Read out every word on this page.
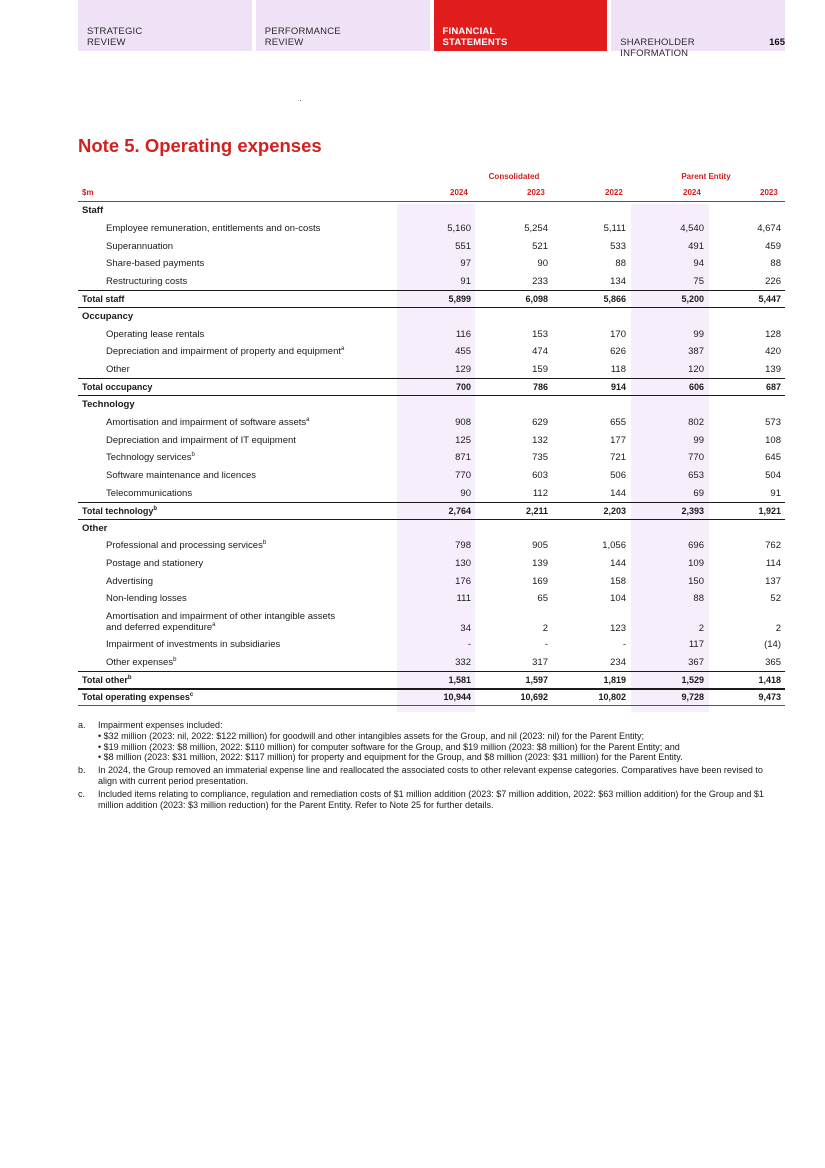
STRATEGIC
REVIEW
PERFORMANCE
REVIEW
FINANCIAL
STATEMENTS	SHAREHOLDER
INFORMATION

165
Note 5. Operating expenses
Consolidated	Parent Entity
$m	2024	2023	2022	2024	2023
Staff
Employee remuneration, entitlements and on-costs	5,160	5,254	5,111	4,540	4,674
Superannuation	551	521	533	491	459
Share-based payments	97	90	88	94	88
Restructuring costs	91	233	134	75	226
Total staff	5,899	6,098	5,866	5,200	5,447
Occupancy
Operating lease rentals	116	153	170	99	128
Depreciation and impairment of property and equipment$^a$	455	474	626	387	420
Other	129	159	118	120	139
Total occupancy	700	786	914	606	687
Technology
Amortisation and impairment of software assets$^a$	908	629	655	802	573
Depreciation and impairment of IT equipment	125	132	177	99	108
Technology services$^b$	871	735	721	770	645
Software maintenance and licences	770	603	506	653	504
Telecommunications	90	112	144	69	91
Total technology$^b$	2,764	2,211	2,203	2,393	1,921
Other
Professional and processing services$^b$	798	905	1,056	696	762
Postage and stationery	130	139	144	109	114
Advertising	176	169	158	150	137
Non-lending losses	111	65	104	88	52
Amortisation and impairment of other intangible assets
and deferred expenditure$^a$	34	2	123	2	2
Impairment of investments in subsidiaries	-	-	-	117	(14)
Other expenses$^b$	332	317	234	367	365
Total other$^b$	1,581	1,597	1,819	1,529	1,418
Total operating expenses$^c$	10,944	10,692	10,802	9,728	9,473
a. Impairment expenses included:
• $32 million (2023: nil, 2022: $122 million) for goodwill and other intangibles assets for the Group, and nil (2023: nil) for the Parent Entity;
• $19 million (2023: $8 million, 2022: $110 million) for computer software for the Group, and $19 million (2023: $8 million) for the Parent Entity; and
• $8 million (2023: $31 million, 2022: $117 million) for property and equipment for the Group, and $8 million (2023: $31 million) for the Parent Entity.
b. In 2024, the Group removed an immaterial expense line and reallocated the associated costs to other relevant expense categories. Comparatives have been revised to align with current period presentation.
c. Included items relating to compliance, regulation and remediation costs of $1 million addition (2023: $7 million addition, 2022: $63 million addition) for the Group and $1 million addition (2023: $3 million reduction) for the Parent Entity. Refer to Note 25 for further details.
